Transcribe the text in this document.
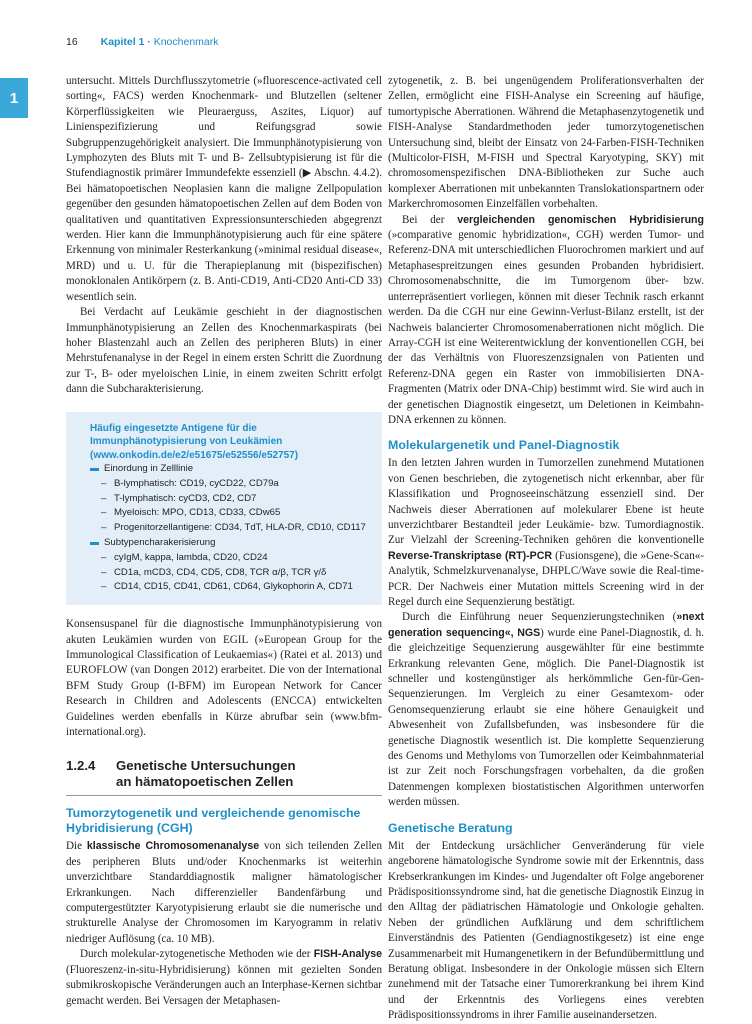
1
16 Kapitel 1 · Knochenmark

untersucht. Mittels Durchflusszytometrie (»fluorescence-activated cell sorting«, FACS) werden Knochenmark- und Blutzellen (seltener Körperflüssigkeiten wie Pleuraerguss, Aszites, Liquor) auf Linienspezifizierung und Reifungsgrad sowie Subgruppenzugehörigkeit analysiert. Die Immunphänotypisierung von Lymphozyten des Bluts mit T- und B- Zellsubtypisierung ist für die Stufendiagnostik primärer Immundefekte essenziell (▶ Abschn. 4.4.2). Bei hämatopoetischen Neoplasien kann die maligne Zellpopulation gegenüber den gesunden hämatopoetischen Zellen auf dem Boden von qualitativen und quantitativen Expressionsunterschieden abgegrenzt werden. Hier kann die Immunphänotypisierung auch für eine spätere Erkennung von minimaler Resterkankung (»minimal residual disease«, MRD) und u. U. für die Therapieplanung mit (bispezifischen) monoklonalen Antikörpern (z. B. Anti-CD19, Anti-CD20 Anti-CD 33) wesentlich sein.

Bei Verdacht auf Leukämie geschieht in der diagnostischen Immunphänotypisierung an Zellen des Knochenmarkaspirats (bei hoher Blastenzahl auch an Zellen des peripheren Bluts) in einer Mehrstufenanalyse in der Regel in einem ersten Schritt die Zuordnung zur T-, B- oder myeloischen Linie, in einem zweiten Schritt erfolgt dann die Subcharakterisierung.

Häufig eingesetzte Antigene für die Immunphänotypisierung von Leukämien
(www.onkodin.de/e2/e51675/e52556/e52757)
Einordung in Zelllinie
– B-lymphatisch: CD19, cyCD22, CD79a
– T-lymphatisch: cyCD3, CD2, CD7
– Myeloisch: MPO, CD13, CD33, CDw65
– Progenitorzellantigene: CD34, TdT, HLA-DR, CD10, CD117
Subtypencharakerisierung
– cyIgM, kappa, lambda, CD20, CD24
– CD1a, mCD3, CD4, CD5, CD8, TCR α/β, TCR γ/δ
– CD14, CD15, CD41, CD61, CD64, Glykophorin A, CD71

Konsensuspanel für die diagnostische Immunphänotypisierung von akuten Leukämien wurden von EGIL (»European Group for the Immunological Classification of Leukaemias«) (Ratei et al. 2013) und EUROFLOW (van Dongen 2012) erarbeitet. Die von der International BFM Study Group (I-BFM) im European Network for Cancer Research in Children and Adolescents (ENCCA) entwickelten Guidelines werden ebenfalls in Kürze abrufbar sein (www.bfm-international.org).

1.2.4	Genetische Untersuchungen
an hämatopoetischen Zellen
Tumorzytogenetik und vergleichende genomische Hybridisierung (CGH)

Die klassische Chromosomenanalyse von sich teilenden Zellen des peripheren Bluts und/oder Knochenmarks ist weiterhin unverzichtbare Standarddiagnostik maligner hämatologischer Erkrankungen. Nach differenzieller Bandenfärbung und computergestützter Karyotypisierung erlaubt sie die numerische und strukturelle Analyse der Chromosomen im Karyogramm in relativ niedriger Auflösung (ca. 10 MB).

Durch molekular-zytogenetische Methoden wie der FISH-Analyse (Fluoreszenz-in-situ-Hybridisierung) können mit gezielten Sonden submikroskopische Veränderungen auch an Interphase-Kernen sichtbar gemacht werden. Bei Versagen der Metaphasen-

zytogenetik, z. B. bei ungenügendem Proliferationsverhalten der Zellen, ermöglicht eine FISH-Analyse ein Screening auf häufige, tumortypische Aberrationen. Während die Metaphasenzytogenetik und FISH-Analyse Standardmethoden jeder tumorzytogenetischen Untersuchung sind, bleibt der Einsatz von 24-Farben-FISH-Techniken (Multicolor-FISH, M-FISH und Spectral Karyotyping, SKY) mit chromosomenspezifischen DNA-Bibliotheken zur Suche auch komplexer Aberrationen mit unbekannten Translokationspartnern oder Markerchromosomen Einzelfällen vorbehalten.

Bei der vergleichenden genomischen Hybridisierung (»comparative genomic hybridization«, CGH) werden Tumor- und Referenz-DNA mit unterschiedlichen Fluorochromen markiert und auf Metaphasespreitzungen eines gesunden Probanden hybridisiert. Chromosomenabschnitte, die im Tumorgenom über- bzw. unterrepräsentiert vorliegen, können mit dieser Technik rasch erkannt werden. Da die CGH nur eine Gewinn-Verlust-Bilanz erstellt, ist der Nachweis balancierter Chromosomenaberrationen nicht möglich. Die Array-CGH ist eine Weiterentwicklung der konventionellen CGH, bei der das Verhältnis von Fluoreszenzsignalen von Patienten und Referenz-DNA gegen ein Raster von immobilisierten DNA-Fragmenten (Matrix oder DNA-Chip) bestimmt wird. Sie wird auch in der genetischen Diagnostik eingesetzt, um Deletionen in Keimbahn-DNA erkennen zu können.

Molekulargenetik und Panel-Diagnostik

In den letzten Jahren wurden in Tumorzellen zunehmend Mutationen von Genen beschrieben, die zytogenetisch nicht erkennbar, aber für Klassifikation und Prognoseeinschätzung essenziell sind. Der Nachweis dieser Aberrationen auf molekularer Ebene ist heute unverzichtbarer Bestandteil jeder Leukämie- bzw. Tumordiagnostik. Zur Vielzahl der Screening-Techniken gehören die konventionelle Reverse-Transkriptase (RT)-PCR (Fusionsgene), die »Gene-Scan«-Analytik, Schmelzkurvenanalyse, DHPLC/Wave sowie die Real-time-PCR. Der Nachweis einer Mutation mittels Screening wird in der Regel durch eine Sequenzierung bestätigt.

Durch die Einführung neuer Sequenzierungstechniken (»next generation sequencing«, NGS) wurde eine Panel-Diagnostik, d. h. die gleichzeitige Sequenzierung ausgewählter für eine bestimmte Erkrankung relevanten Gene, möglich. Die Panel-Diagnostik ist schneller und kostengünstiger als herkömmliche Gen-für-Gen-Sequenzierungen. Im Vergleich zu einer Gesamtexom- oder Genomsequenzierung erlaubt sie eine höhere Genauigkeit und Abwesenheit von Zufallsbefunden, was insbesondere für die genetische Diagnostik wesentlich ist. Die komplette Sequenzierung des Genoms und Methyloms von Tumorzellen oder Keimbahnmaterial ist zur Zeit noch Forschungsfragen vorbehalten, da die großen Datenmengen komplexen biostatistischen Algorithmen unterworfen werden müssen.

Genetische Beratung

Mit der Entdeckung ursächlicher Genveränderung für viele angeborene hämatologische Syndrome sowie mit der Erkenntnis, dass Krebserkrankungen im Kindes- und Jugendalter oft Folge angeborener Prädispositionssyndrome sind, hat die genetische Diagnostik Einzug in den Alltag der pädiatrischen Hämatologie und Onkologie gehalten. Neben der gründlichen Aufklärung und dem schriftlichem Einverständnis des Patienten (Gendiagnostikgesetz) ist eine enge Zusammenarbeit mit Humangenetikern in der Befundübermittlung und Beratung obligat. Insbesondere in der Onkologie müssen sich Eltern zunehmend mit der Tatsache einer Tumorerkrankung bei ihrem Kind und der Erkenntnis des Vorliegens eines verebten Prädispositionssyndroms in ihrer Familie auseinandersetzen.
